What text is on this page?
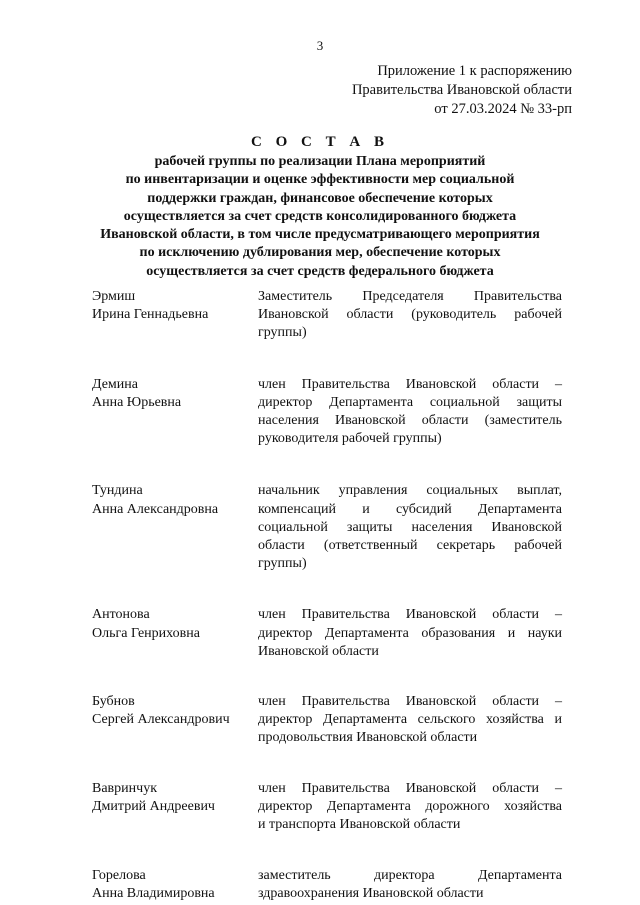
3
Приложение 1 к распоряжению
Правительства Ивановской области
от 27.03.2024 № 33-рп
С О С Т А В
рабочей группы по реализации Плана мероприятий
по инвентаризации и оценке эффективности мер социальной
поддержки граждан, финансовое обеспечение которых
осуществляется за счет средств консолидированного бюджета
Ивановской области, в том числе предусматривающего мероприятия
по исключению дублирования мер, обеспечение которых
осуществляется за счет средств федерального бюджета
Эрмиш
Ирина Геннадьевна
Заместитель Председателя Правительства
Ивановской области (руководитель рабочей
группы)
Демина
Анна Юрьевна
член Правительства Ивановской области –
директор Департамента социальной защиты
населения Ивановской области (заместитель
руководителя рабочей группы)
Тундина
Анна Александровна
начальник управления социальных выплат,
компенсаций и субсидий Департамента
социальной защиты населения Ивановской
области (ответственный секретарь рабочей
группы)
Антонова
Ольга Генриховна
член Правительства Ивановской области –
директор Департамента образования и науки
Ивановской области
Бубнов
Сергей Александрович
член Правительства Ивановской области –
директор Департамента сельского хозяйства и
продовольствия Ивановской области
Вавринчук
Дмитрий Андреевич
член Правительства Ивановской области –
директор Департамента дорожного хозяйства
и транспорта Ивановской области
Горелова
Анна Владимировна
заместитель директора Департамента
здравоохранения Ивановской области
